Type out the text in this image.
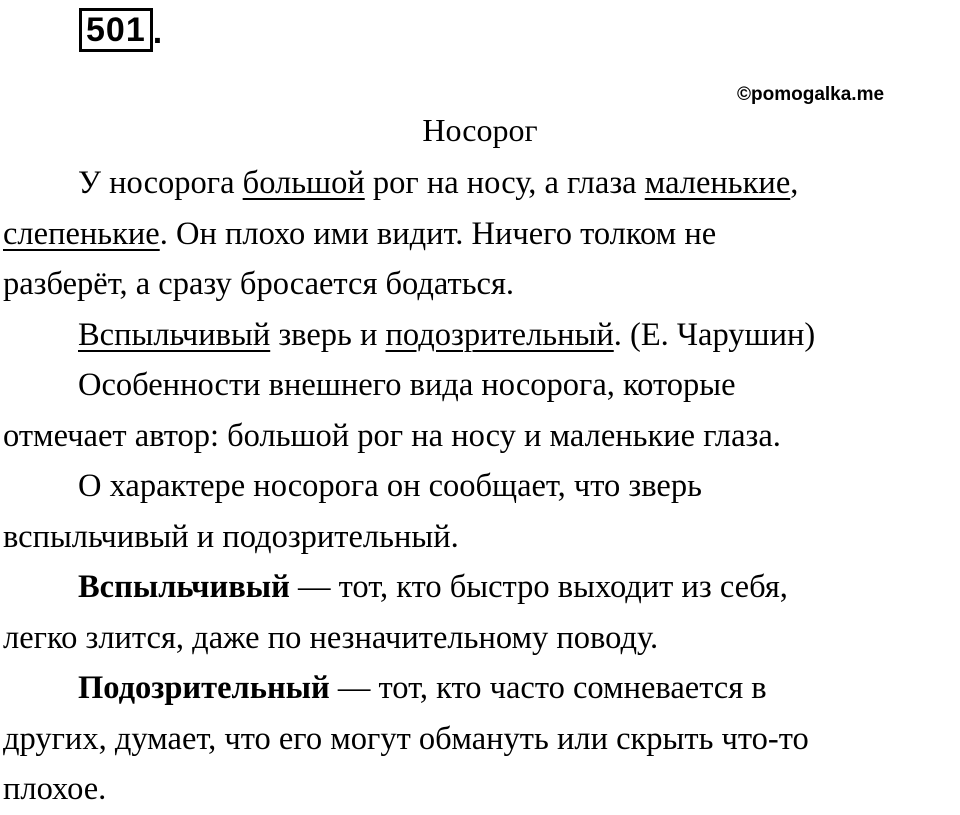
501 .
©pomogalka.me
Носорог
У носорога большой рог на носу, а глаза маленькие,
слепенькие. Он плохо ими видит. Ничего толком не
разберёт, а сразу бросается бодаться.
Вспыльчивый зверь и подозрительный. (Е. Чарушин)
Особенности внешнего вида носорога, которые
отмечает автор: большой рог на носу и маленькие глаза.
О характере носорога он сообщает, что зверь
вспыльчивый и подозрительный.
Вспыльчивый — тот, кто быстро выходит из себя,
легко злится, даже по незначительному поводу.
Подозрительный — тот, кто часто сомневается в
других, думает, что его могут обмануть или скрыть что-то
плохое.
